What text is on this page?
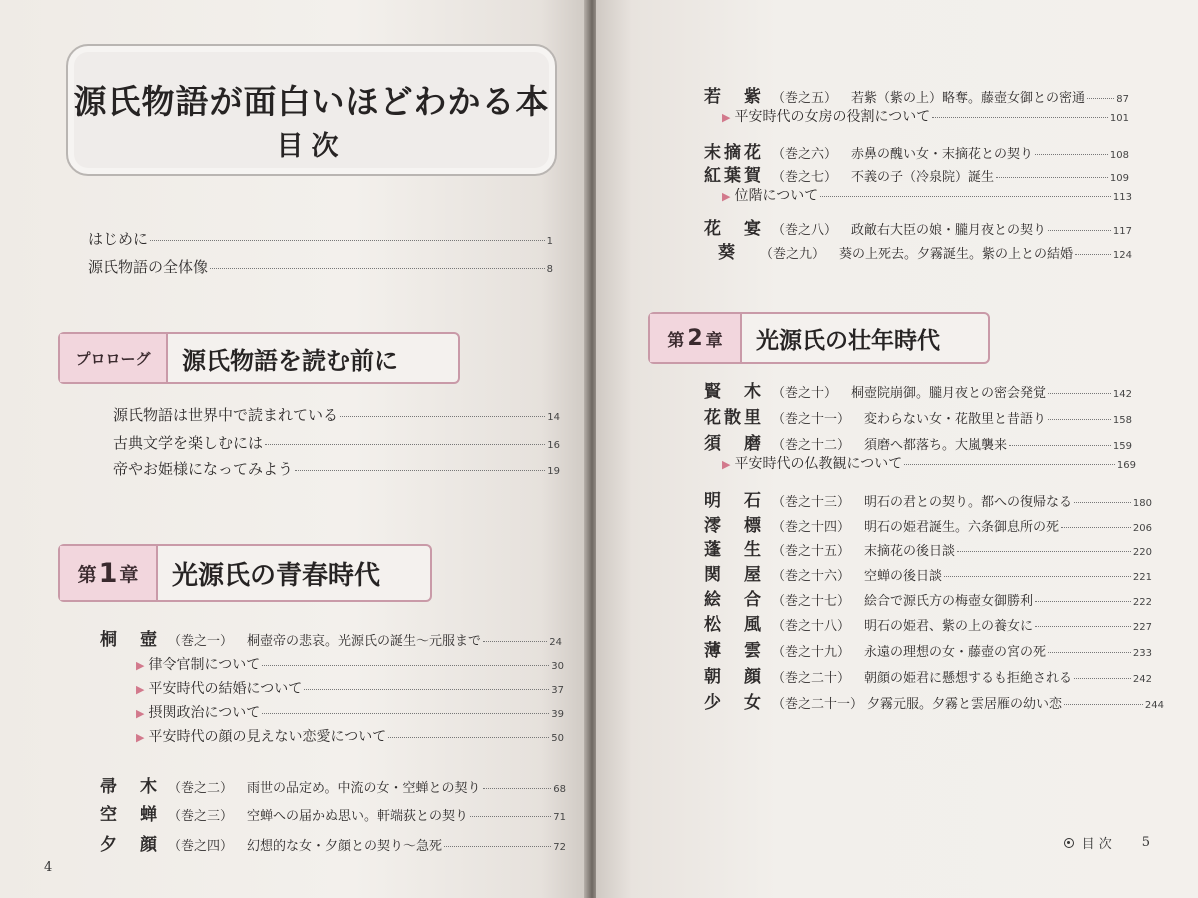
源氏物語が面白いほどわかる本
目次
はじめに	1
源氏物語の全体像	8
プロローグ	源氏物語を読む前に
源氏物語は世界中で読まれている	14
古典文学を楽しむには	16
帝やお姫様になってみよう	19
第 1 章	光源氏の青春時代
桐　壺 （巻之一） 桐壺帝の悲哀。光源氏の誕生〜元服まで	24
▶ 律令官制について	30
▶ 平安時代の結婚について	37
▶ 摂関政治について	39
▶ 平安時代の顔の見えない恋愛について	50
帚　木 （巻之二） 雨世の品定め。中流の女・空蝉との契り	68
空　蝉 （巻之三） 空蝉への届かぬ思い。軒端荻との契り	71
夕　顔 （巻之四） 幻想的な女・夕顔との契り〜急死	72
4
若　紫 （巻之五） 若紫（紫の上）略奪。藤壺女御との密通	87
▶ 平安時代の女房の役割について	101
末摘花 （巻之六） 赤鼻の醜い女・末摘花との契り	108
紅葉賀 （巻之七） 不義の子（冷泉院）誕生	109
▶ 位階について	113
花　宴 （巻之八） 政敵右大臣の娘・朧月夜との契り	117
葵 （巻之九） 葵の上死去。夕霧誕生。紫の上との結婚	124
第 2 章	光源氏の壮年時代
賢　木 （巻之十） 桐壺院崩御。朧月夜との密会発覚	142
花散里 （巻之十一） 変わらない女・花散里と昔語り	158
須　磨 （巻之十二） 須磨へ都落ち。大嵐襲来	159
▶ 平安時代の仏教観について	169
明　石 （巻之十三） 明石の君との契り。都への復帰なる	180
澪　標 （巻之十四） 明石の姫君誕生。六条御息所の死	206
蓬　生 （巻之十五） 末摘花の後日談	220
関　屋 （巻之十六） 空蝉の後日談	221
絵　合 （巻之十七） 絵合で源氏方の梅壺女御勝利	222
松　風 （巻之十八） 明石の姫君、紫の上の養女に	227
薄　雲 （巻之十九） 永遠の理想の女・藤壺の宮の死	233
朝　顔 （巻之二十） 朝顔の姫君に懸想するも拒絶される	242
少　女 （巻之二十一） 夕霧元服。夕霧と雲居雁の幼い恋	244
目 次 5
